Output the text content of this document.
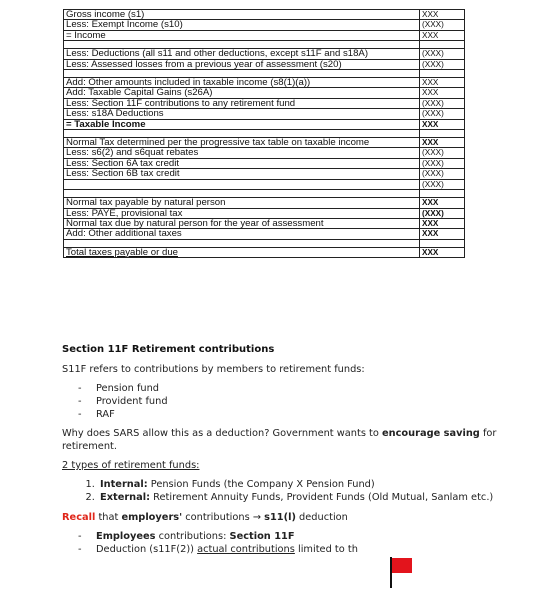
Gross income (s1)	XXX
Less: Exempt Income (s10)	(XXX)
= Income	XXX

Less: Deductions (all s11 and other deductions, except s11F and s18A)	(XXX)
Less: Assessed losses from a previous year of assessment (s20)	(XXX)

Add: Other amounts included in taxable income (s8(1)(a))	XXX
Add: Taxable Capital Gains (s26A)	XXX
Less: Section 11F contributions to any retirement fund	(XXX)
Less: s18A Deductions	(XXX)
= Taxable Income	XXX

Normal Tax determined per the progressive tax table on taxable income	XXX
Less: s6(2) and s6quat rebates	(XXX)
Less: Section 6A tax credit	(XXX)
Less: Section 6B tax credit	(XXX)
	(XXX)

Normal tax payable by natural person	XXX
Less: PAYE, provisional tax	(XXX)
Normal tax due by natural person for the year of assessment	XXX
Add: Other additional taxes	XXX

Total taxes payable or due	XXX
Section 11F Retirement contributions

S11F refers to contributions by members to retirement funds:

- Pension fund
- Provident fund
- RAF

Why does SARS allow this as a deduction? Government wants to encourage saving for retirement.

2 types of retirement funds:

1. Internal: Pension Funds (the Company X Pension Fund)
2. External: Retirement Annuity Funds, Provident Funds (Old Mutual, Sanlam etc.)

Recall that employers' contributions → s11(l) deduction

- Employees contributions: Section 11F
- Deduction (s11F(2)) actual contributions limited to th
